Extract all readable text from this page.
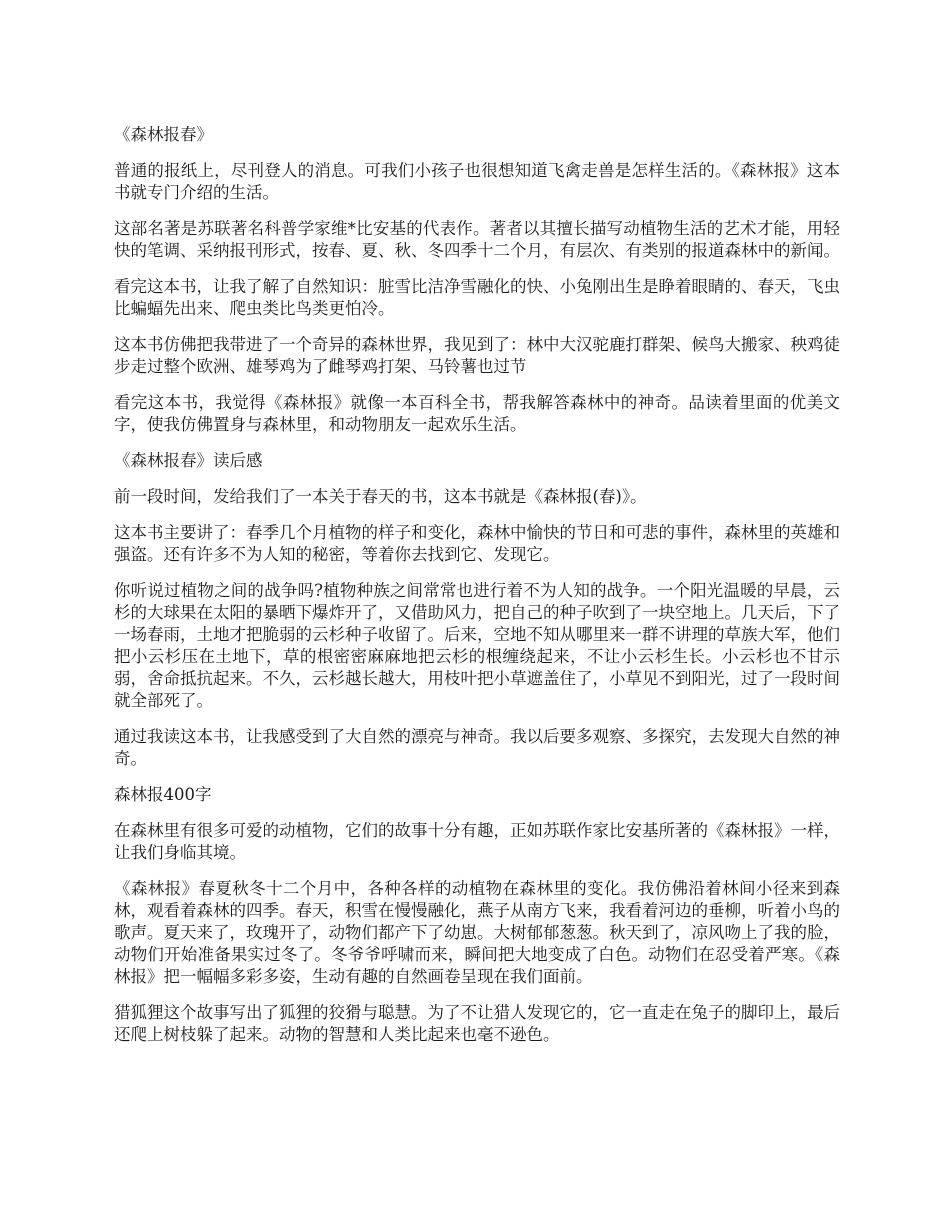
《森林报春》

普通的报纸上，尽刊登人的消息。可我们小孩子也很想知道飞禽走兽是怎样生活的。《森林报》这本书就专门介绍的生活。

这部名著是苏联著名科普学家维*比安基的代表作。著者以其擅长描写动植物生活的艺术才能，用轻快的笔调、采纳报刊形式，按春、夏、秋、冬四季十二个月，有层次、有类别的报道森林中的新闻。

看完这本书，让我了解了自然知识：脏雪比洁净雪融化的快、小兔刚出生是睁着眼睛的、春天，飞虫比蝙蝠先出来、爬虫类比鸟类更怕冷。

这本书仿佛把我带进了一个奇异的森林世界，我见到了：林中大汉驼鹿打群架、候鸟大搬家、秧鸡徒步走过整个欧洲、雄琴鸡为了雌琴鸡打架、马铃薯也过节

看完这本书，我觉得《森林报》就像一本百科全书，帮我解答森林中的神奇。品读着里面的优美文字，使我仿佛置身与森林里，和动物朋友一起欢乐生活。

《森林报春》读后感

前一段时间，发给我们了一本关于春天的书，这本书就是《森林报(春)》。

这本书主要讲了：春季几个月植物的样子和变化，森林中愉快的节日和可悲的事件，森林里的英雄和强盗。还有许多不为人知的秘密，等着你去找到它、发现它。

你听说过植物之间的战争吗?植物种族之间常常也进行着不为人知的战争。一个阳光温暖的早晨，云杉的大球果在太阳的暴晒下爆炸开了，又借助风力，把自己的种子吹到了一块空地上。几天后，下了一场春雨，土地才把脆弱的云杉种子收留了。后来，空地不知从哪里来一群不讲理的草族大军，他们把小云杉压在土地下，草的根密密麻麻地把云杉的根缠绕起来，不让小云杉生长。小云杉也不甘示弱，舍命抵抗起来。不久，云杉越长越大，用枝叶把小草遮盖住了，小草见不到阳光，过了一段时间就全部死了。

通过我读这本书，让我感受到了大自然的漂亮与神奇。我以后要多观察、多探究，去发现大自然的神奇。

森林报400字

在森林里有很多可爱的动植物，它们的故事十分有趣，正如苏联作家比安基所著的《森林报》一样，让我们身临其境。

《森林报》春夏秋冬十二个月中，各种各样的动植物在森林里的变化。我仿佛沿着林间小径来到森林，观看着森林的四季。春天，积雪在慢慢融化，燕子从南方飞来，我看着河边的垂柳，听着小鸟的歌声。夏天来了，玫瑰开了，动物们都产下了幼崽。大树郁郁葱葱。秋天到了，凉风吻上了我的脸，动物们开始准备果实过冬了。冬爷爷呼啸而来，瞬间把大地变成了白色。动物们在忍受着严寒。《森林报》把一幅幅多彩多姿，生动有趣的自然画卷呈现在我们面前。

猎狐狸这个故事写出了狐狸的狡猾与聪慧。为了不让猎人发现它的，它一直走在兔子的脚印上，最后还爬上树枝躲了起来。动物的智慧和人类比起来也毫不逊色。
